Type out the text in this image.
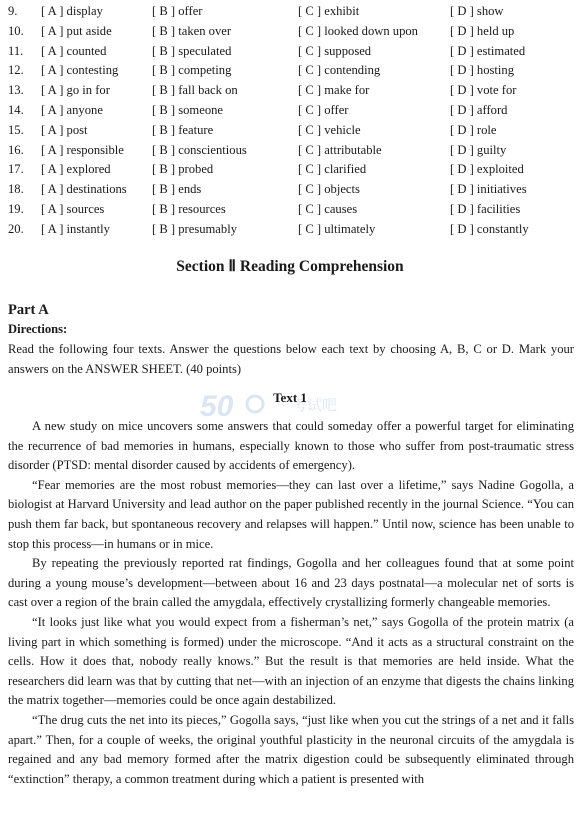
9. [ A ] display	[ B ] offer	[ C ] exhibit	[ D ] show
10. [ A ] put aside	[ B ] taken over	[ C ] looked down upon	[ D ] held up
11. [ A ] counted	[ B ] speculated	[ C ] supposed	[ D ] estimated
12. [ A ] contesting	[ B ] competing	[ C ] contending	[ D ] hosting
13. [ A ] go in for	[ B ] fall back on	[ C ] make for	[ D ] vote for
14. [ A ] anyone	[ B ] someone	[ C ] offer	[ D ] afford
15. [ A ] post	[ B ] feature	[ C ] vehicle	[ D ] role
16. [ A ] responsible [ B ] conscientious	[ C ] attributable	[ D ] guilty
17. [ A ] explored	[ B ] probed	[ C ] clarified	[ D ] exploited
18. [ A ] destinations [ B ] ends	[ C ] objects	[ D ] initiatives
19. [ A ] sources	[ B ] resources	[ C ] causes	[ D ] facilities
20. [ A ] instantly	[ B ] presumably	[ C ] ultimately	[ D ] constantly
Section Ⅱ Reading Comprehension
Part A
Directions:
Read the following four texts. Answer the questions below each text by choosing A, B, C or D. Mark your answers on the ANSWER SHEET. (40 points)
50	考试吧
Text 1

A new study on mice uncovers some answers that could someday offer a powerful target for eliminating the recurrence of bad memories in humans, especially known to those who suffer from post-traumatic stress disorder (PTSD: mental disorder caused by accidents of emergency).

“Fear memories are the most robust memories—they can last over a lifetime,” says Nadine Gogolla, a biologist at Harvard University and lead author on the paper published recently in the journal Science. “You can push them far back, but spontaneous recovery and relapses will happen.” Until now, science has been unable to stop this process—in humans or in mice.

By repeating the previously reported rat findings, Gogolla and her colleagues found that at some point during a young mouse’s development—between about 16 and 23 days postnatal—a molecular net of sorts is cast over a region of the brain called the amygdala, effectively crystallizing formerly changeable memories.

“It looks just like what you would expect from a fisherman’s net,” says Gogolla of the protein matrix (a living part in which something is formed) under the microscope. “And it acts as a structural constraint on the cells. How it does that, nobody really knows.” But the result is that memories are held inside. What the researchers did learn was that by cutting that net—with an injection of an enzyme that digests the chains linking the matrix together—memories could be once again destabilized.

“The drug cuts the net into its pieces,” Gogolla says, “just like when you cut the strings of a net and it falls apart.” Then, for a couple of weeks, the original youthful plasticity in the neuronal circuits of the amygdala is regained and any bad memory formed after the matrix digestion could be subsequently eliminated through “extinction” therapy, a common treatment during which a patient is presented with
